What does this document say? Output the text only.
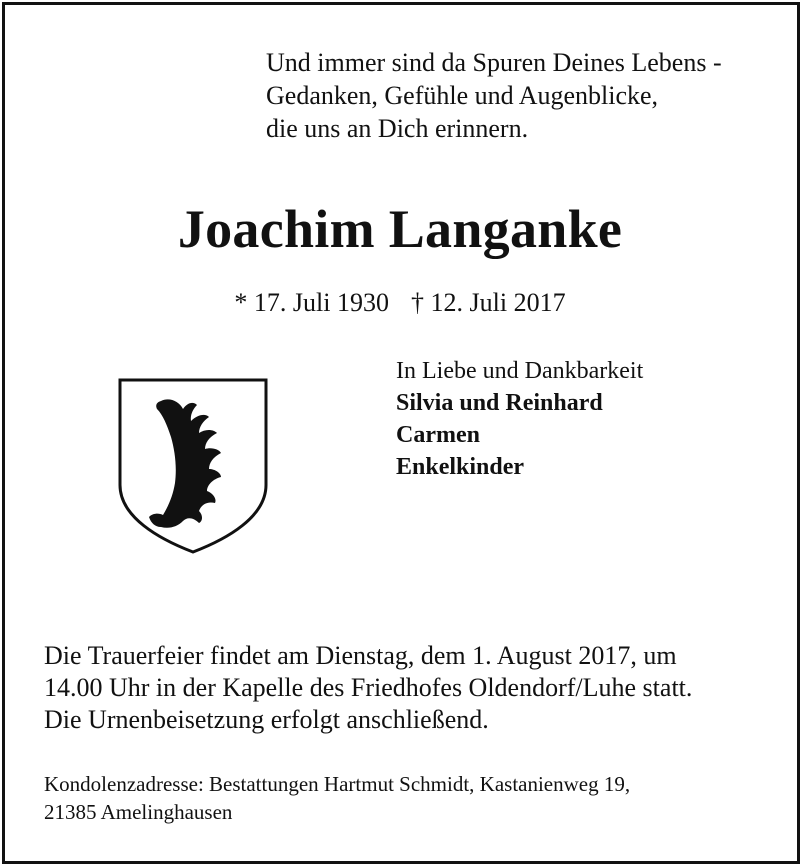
Und immer sind da Spuren Deines Lebens -
Gedanken, Gefühle und Augenblicke,
die uns an Dich erinnern.
Joachim Langanke
* 17. Juli 1930 † 12. Juli 2017
In Liebe und Dankbarkeit
Silvia und Reinhard
Carmen
Enkelkinder
Die Trauerfeier findet am Dienstag, dem 1. August 2017, um
14.00 Uhr in der Kapelle des Friedhofes Oldendorf/Luhe statt.
Die Urnenbeisetzung erfolgt anschließend.
Kondolenzadresse: Bestattungen Hartmut Schmidt, Kastanienweg 19,
21385 Amelinghausen
